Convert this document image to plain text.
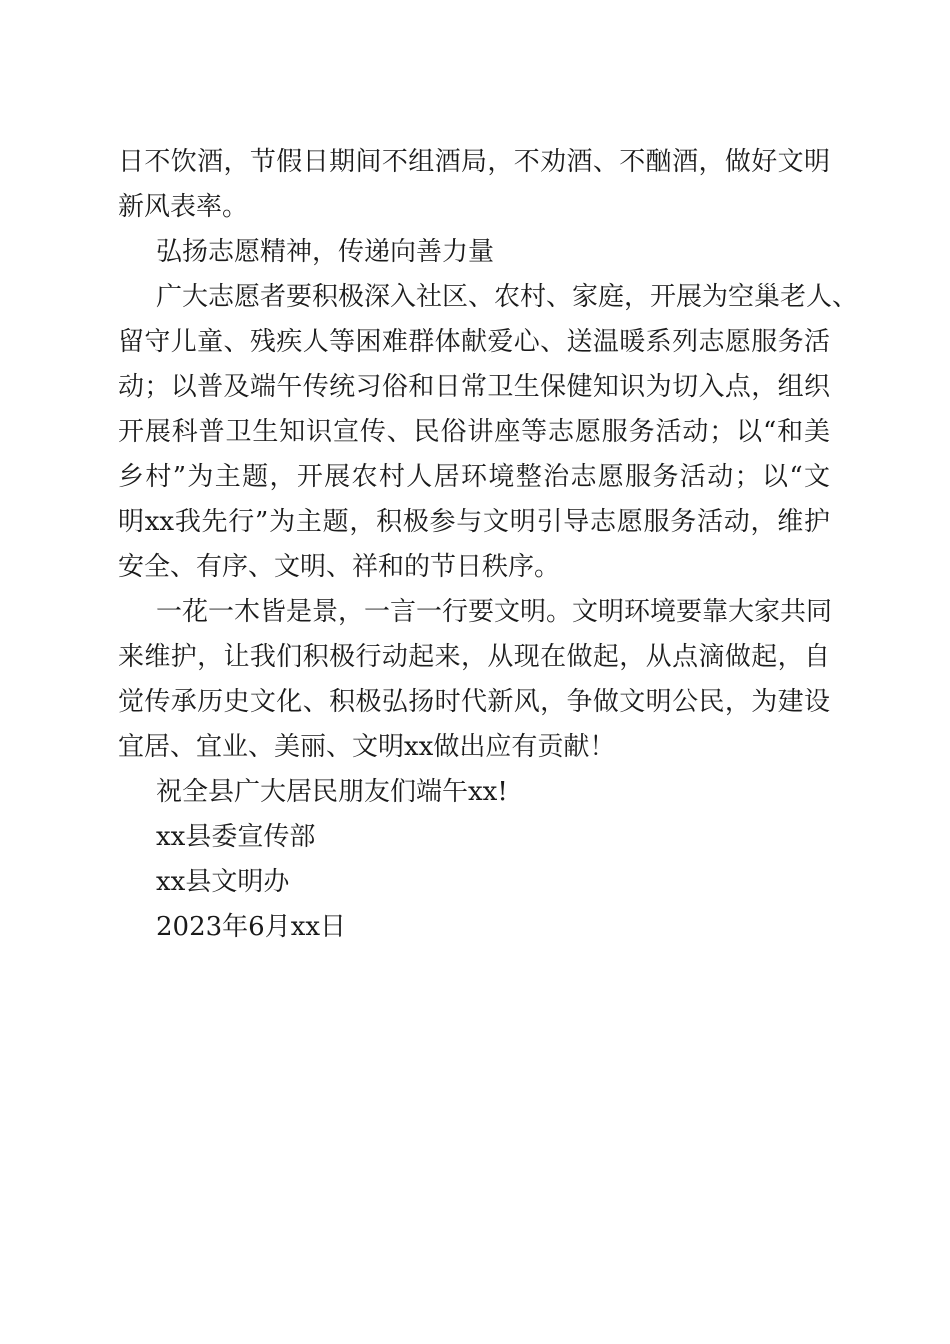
日不饮酒，节假日期间不组酒局，不劝酒、不酗酒，做好文明
新风表率。
弘扬志愿精神，传递向善力量
广大志愿者要积极深入社区、农村、家庭，开展为空巢老人、
留守儿童、残疾人等困难群体献爱心、送温暖系列志愿服务活
动；以普及端午传统习俗和日常卫生保健知识为切入点，组织
开展科普卫生知识宣传、民俗讲座等志愿服务活动；以“和美
乡村”为主题，开展农村人居环境整治志愿服务活动；以“文
明xx我先行”为主题，积极参与文明引导志愿服务活动，维护
安全、有序、文明、祥和的节日秩序。
一花一木皆是景，一言一行要文明。文明环境要靠大家共同
来维护，让我们积极行动起来，从现在做起，从点滴做起，自
觉传承历史文化、积极弘扬时代新风，争做文明公民，为建设
宜居、宜业、美丽、文明xx做出应有贡献！
祝全县广大居民朋友们端午xx!
xx县委宣传部
xx县文明办
2023年6月xx日
